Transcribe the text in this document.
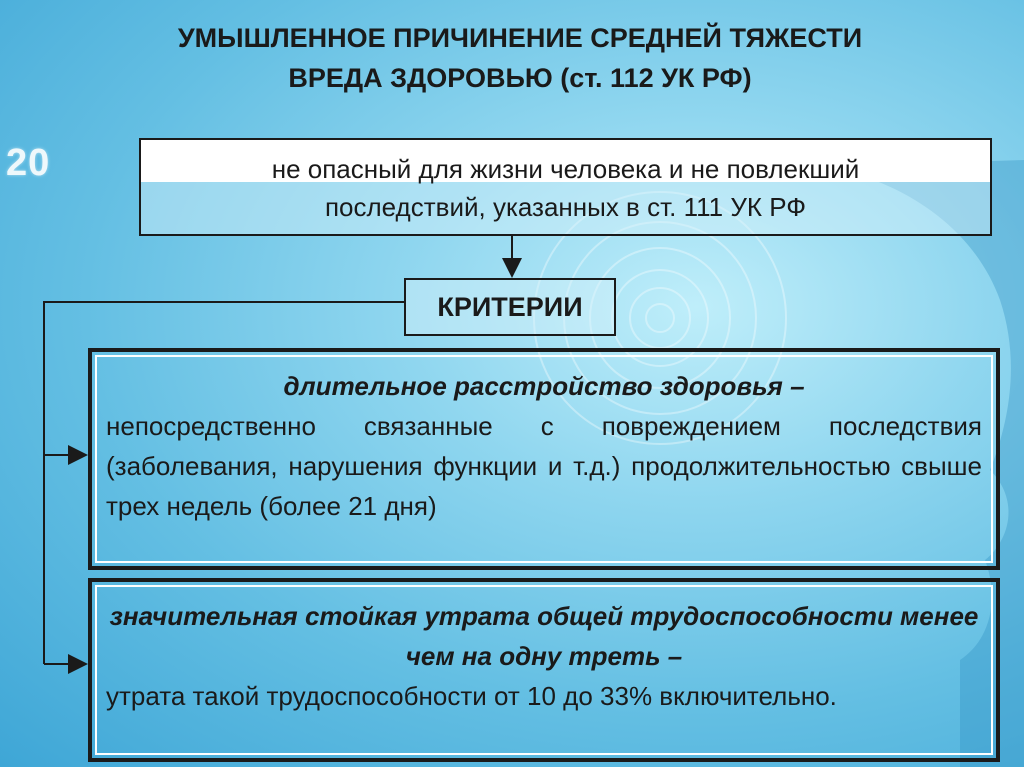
УМЫШЛЕННОЕ ПРИЧИНЕНИЕ СРЕДНЕЙ ТЯЖЕСТИ
ВРЕДА ЗДОРОВЬЮ (ст. 112 УК РФ)
20	не опасный для жизни человека и не повлекший
последствий, указанных в ст. 111 УК РФ
КРИТЕРИИ
длительное расстройство здоровья –
непосредственно связанные с повреждением последствия (заболевания, нарушения функции и т.д.) продолжительностью свыше трех недель (более 21 дня)
значительная стойкая утрата общей трудоспособности менее чем на одну треть –
утрата такой трудоспособности от 10 до 33% включительно.
